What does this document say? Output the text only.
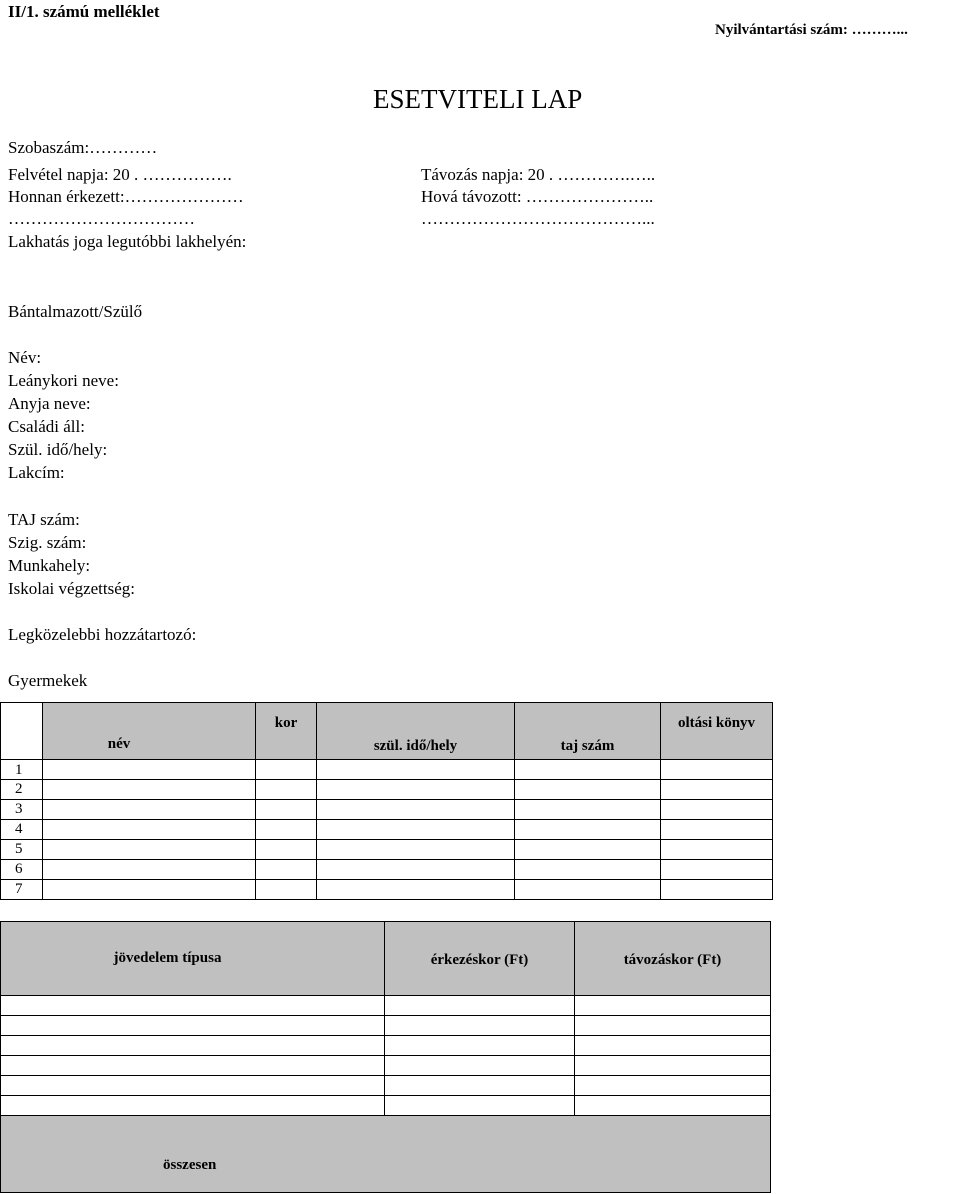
II/1. számú melléklet
Nyilvántartási szám: ………...
ESETVITELI LAP
Szobaszám:…………
Felvétel napja: 20 . …………….
Honnan érkezett:…………………
……………………………
Lakhatás joga legutóbbi lakhelyén:
Távozás napja: 20 . ………….…..
Hová távozott: …………………..
…………………………………...
Bántalmazott/Szülő
Név:
Leánykori neve:
Anyja neve:
Családi áll:
Szül. idő/hely:
Lakcím:
TAJ szám:
Szig. szám:
Munkahely:
Iskolai végzettség:
Legközelebbi hozzátartozó:
Gyermekek
	név	kor	szül. idő/hely	taj szám	oltási könyv
1					
2					
3					
4					
5					
6					
7					
jövedelem típusa	érkezéskor (Ft)	távozáskor (Ft)

összesen		
